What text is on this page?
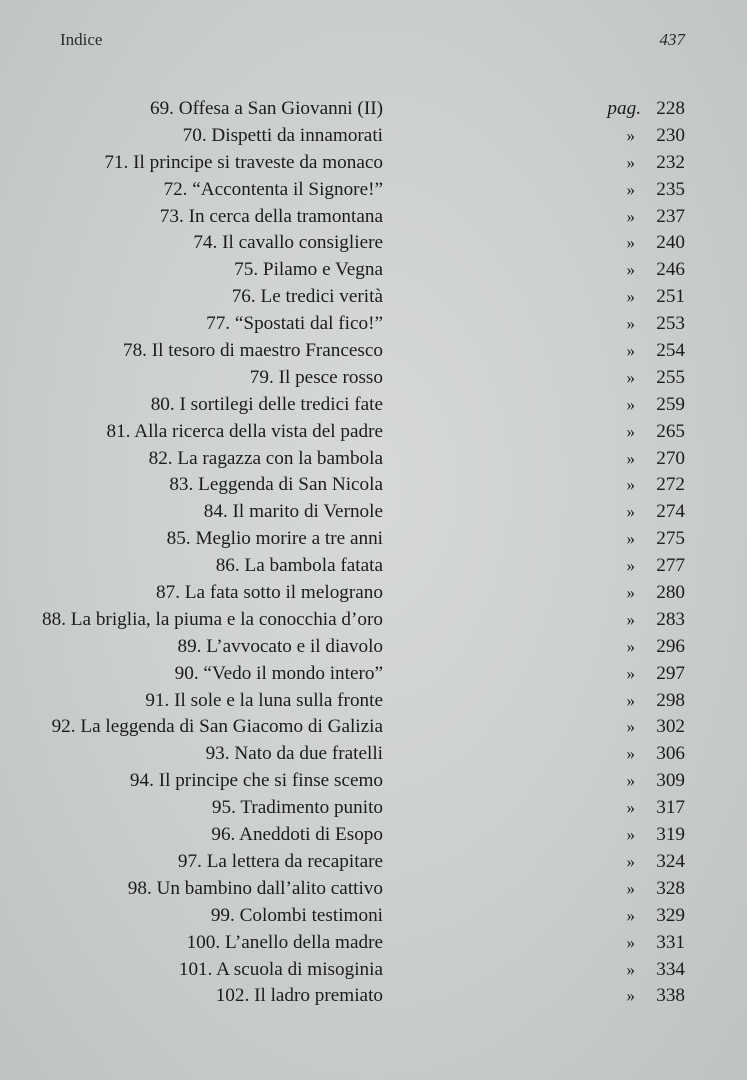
Indice	437
69. Offesa a San Giovanni (II)	pag. 228
70. Dispetti da innamorati	»	230
71. Il principe si traveste da monaco	»	232
72. “Accontenta il Signore!”	»	235
73. In cerca della tramontana	»	237
74. Il cavallo consigliere	»	240
75. Pilamo e Vegna	»	246
76. Le tredici verità	»	251
77. “Spostati dal fico!”	»	253
78. Il tesoro di maestro Francesco	»	254
79. Il pesce rosso	»	255
80. I sortilegi delle tredici fate	»	259
81. Alla ricerca della vista del padre	»	265
82. La ragazza con la bambola	»	270
83. Leggenda di San Nicola	»	272
84. Il marito di Vernole	»	274
85. Meglio morire a tre anni	»	275
86. La bambola fatata	»	277
87. La fata sotto il melograno	»	280
88. La briglia, la piuma e la conocchia d’oro	»	283
89. L’avvocato e il diavolo	»	296
90. “Vedo il mondo intero”	»	297
91. Il sole e la luna sulla fronte	»	298
92. La leggenda di San Giacomo di Galizia	»	302
93. Nato da due fratelli	»	306
94. Il principe che si finse scemo	»	309
95. Tradimento punito	»	317
96. Aneddoti di Esopo	»	319
97. La lettera da recapitare	»	324
98. Un bambino dall’alito cattivo	»	328
99. Colombi testimoni	»	329
100. L’anello della madre	»	331
101. A scuola di misoginia	»	334
102. Il ladro premiato	»	338
